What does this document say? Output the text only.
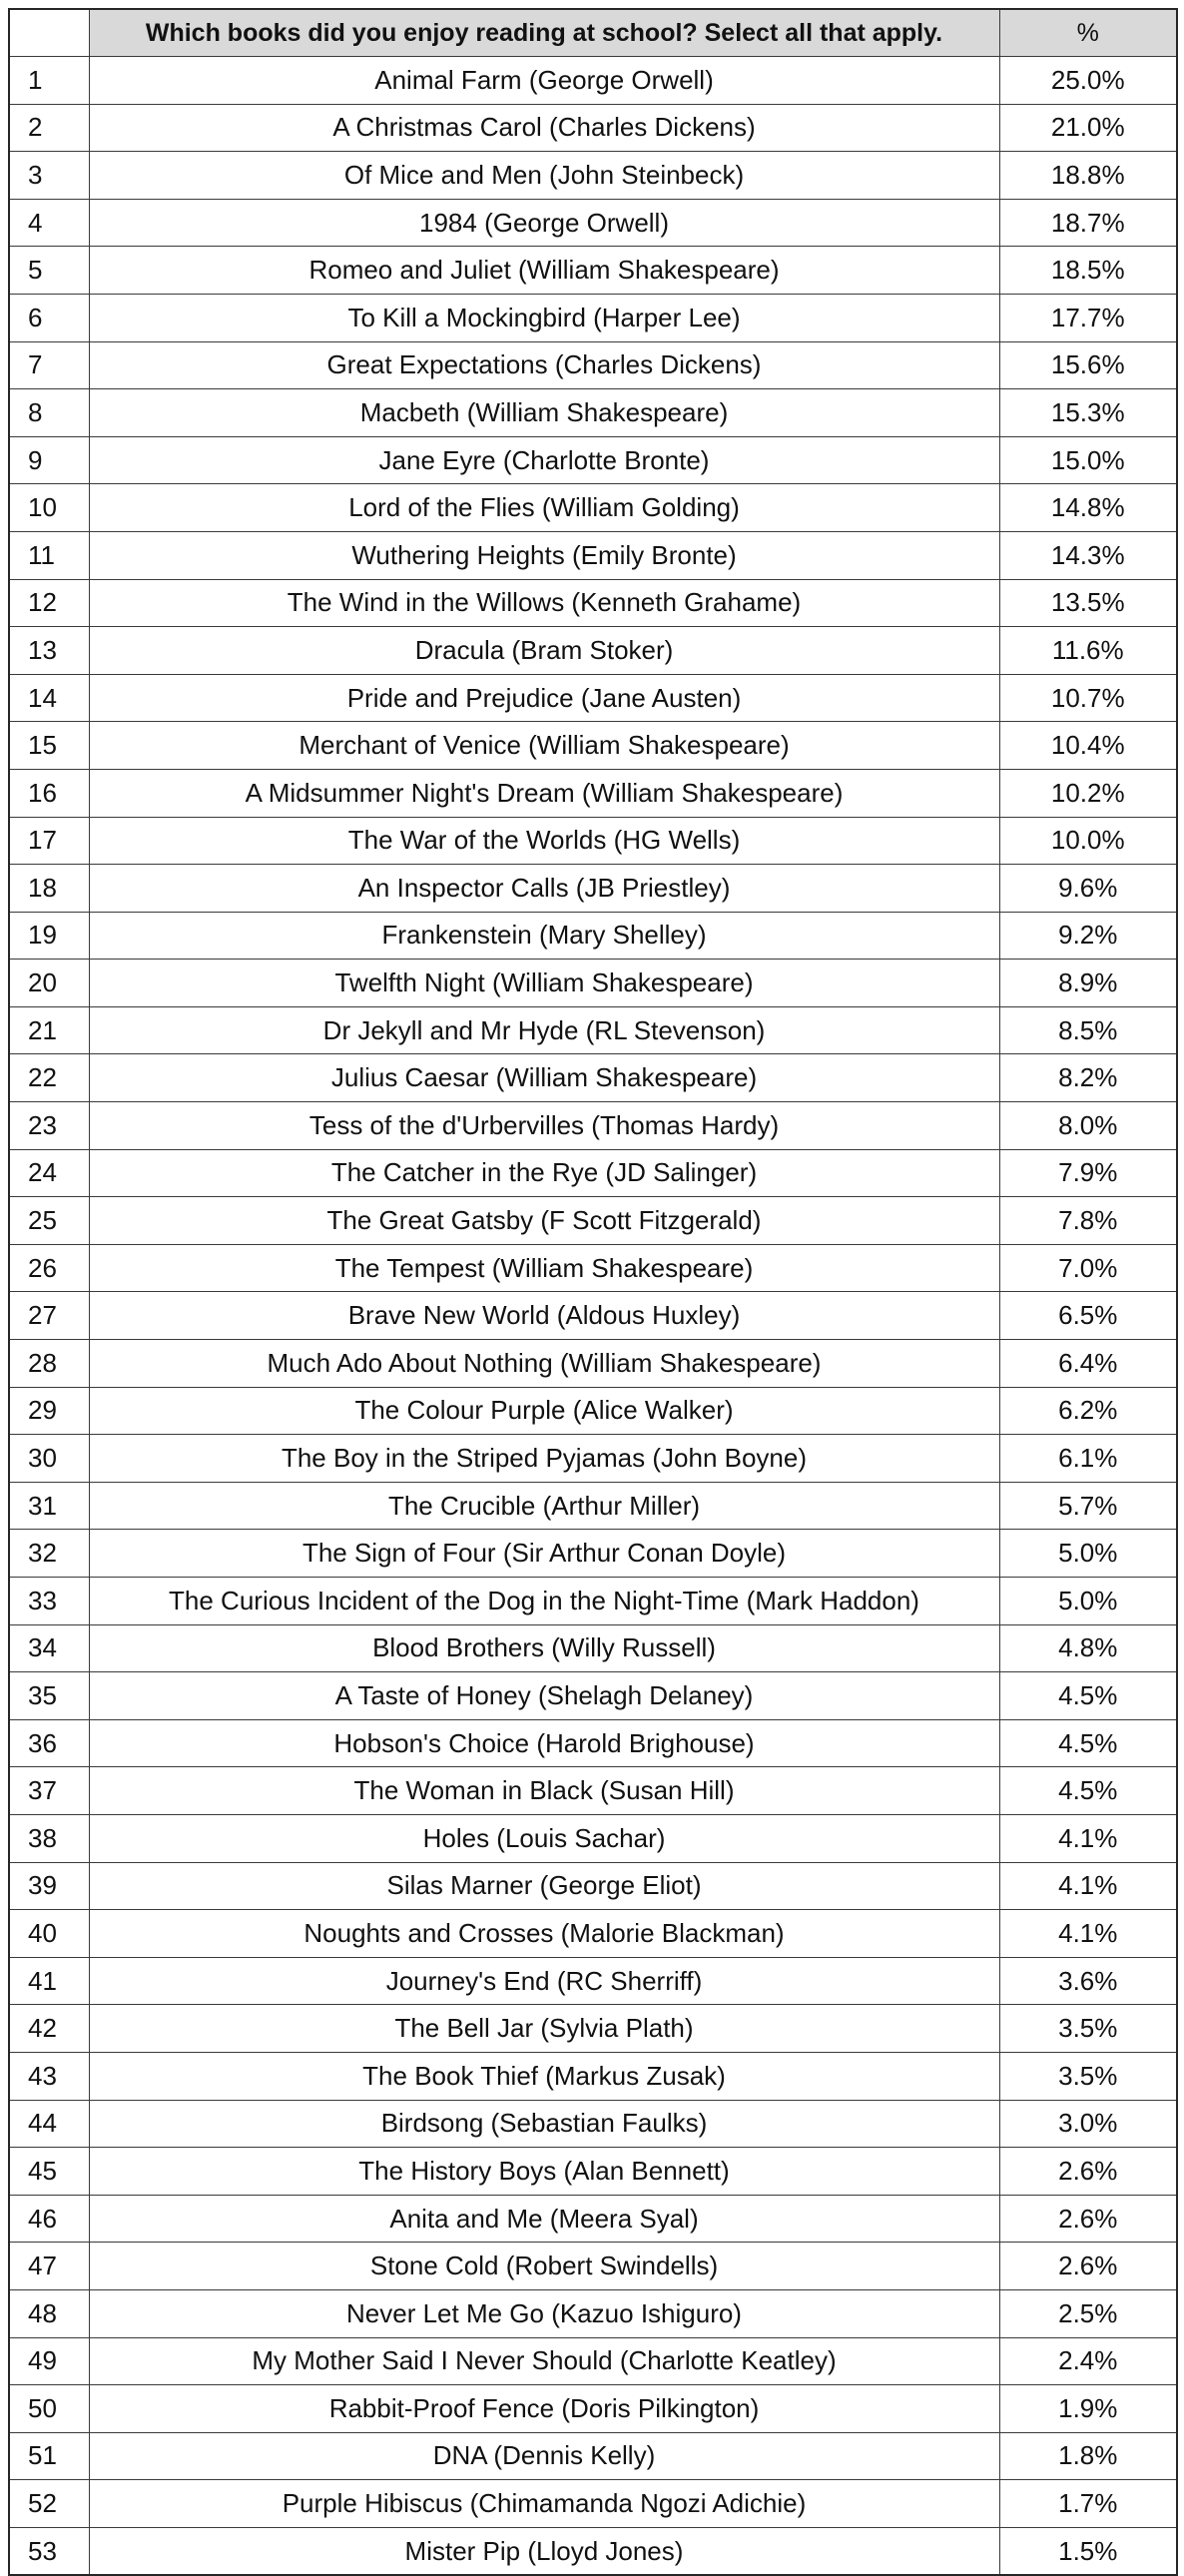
	Which books did you enjoy reading at school? Select all that apply.	%
1	Animal Farm (George Orwell)	25.0%
2	A Christmas Carol (Charles Dickens)	21.0%
3	Of Mice and Men (John Steinbeck)	18.8%
4	1984 (George Orwell)	18.7%
5	Romeo and Juliet (William Shakespeare)	18.5%
6	To Kill a Mockingbird (Harper Lee)	17.7%
7	Great Expectations (Charles Dickens)	15.6%
8	Macbeth (William Shakespeare)	15.3%
9	Jane Eyre (Charlotte Bronte)	15.0%
10	Lord of the Flies (William Golding)	14.8%
11	Wuthering Heights (Emily Bronte)	14.3%
12	The Wind in the Willows (Kenneth Grahame)	13.5%
13	Dracula (Bram Stoker)	11.6%
14	Pride and Prejudice (Jane Austen)	10.7%
15	Merchant of Venice (William Shakespeare)	10.4%
16	A Midsummer Night's Dream (William Shakespeare)	10.2%
17	The War of the Worlds (HG Wells)	10.0%
18	An Inspector Calls (JB Priestley)	9.6%
19	Frankenstein (Mary Shelley)	9.2%
20	Twelfth Night (William Shakespeare)	8.9%
21	Dr Jekyll and Mr Hyde (RL Stevenson)	8.5%
22	Julius Caesar (William Shakespeare)	8.2%
23	Tess of the d'Urbervilles (Thomas Hardy)	8.0%
24	The Catcher in the Rye (JD Salinger)	7.9%
25	The Great Gatsby (F Scott Fitzgerald)	7.8%
26	The Tempest (William Shakespeare)	7.0%
27	Brave New World (Aldous Huxley)	6.5%
28	Much Ado About Nothing (William Shakespeare)	6.4%
29	The Colour Purple (Alice Walker)	6.2%
30	The Boy in the Striped Pyjamas (John Boyne)	6.1%
31	The Crucible (Arthur Miller)	5.7%
32	The Sign of Four (Sir Arthur Conan Doyle)	5.0%
33	The Curious Incident of the Dog in the Night-Time (Mark Haddon)	5.0%
34	Blood Brothers (Willy Russell)	4.8%
35	A Taste of Honey (Shelagh Delaney)	4.5%
36	Hobson's Choice (Harold Brighouse)	4.5%
37	The Woman in Black (Susan Hill)	4.5%
38	Holes (Louis Sachar)	4.1%
39	Silas Marner (George Eliot)	4.1%
40	Noughts and Crosses (Malorie Blackman)	4.1%
41	Journey's End (RC Sherriff)	3.6%
42	The Bell Jar (Sylvia Plath)	3.5%
43	The Book Thief (Markus Zusak)	3.5%
44	Birdsong (Sebastian Faulks)	3.0%
45	The History Boys (Alan Bennett)	2.6%
46	Anita and Me (Meera Syal)	2.6%
47	Stone Cold (Robert Swindells)	2.6%
48	Never Let Me Go (Kazuo Ishiguro)	2.5%
49	My Mother Said I Never Should (Charlotte Keatley)	2.4%
50	Rabbit-Proof Fence (Doris Pilkington)	1.9%
51	DNA (Dennis Kelly)	1.8%
52	Purple Hibiscus (Chimamanda Ngozi Adichie)	1.7%
53	Mister Pip (Lloyd Jones)	1.5%
